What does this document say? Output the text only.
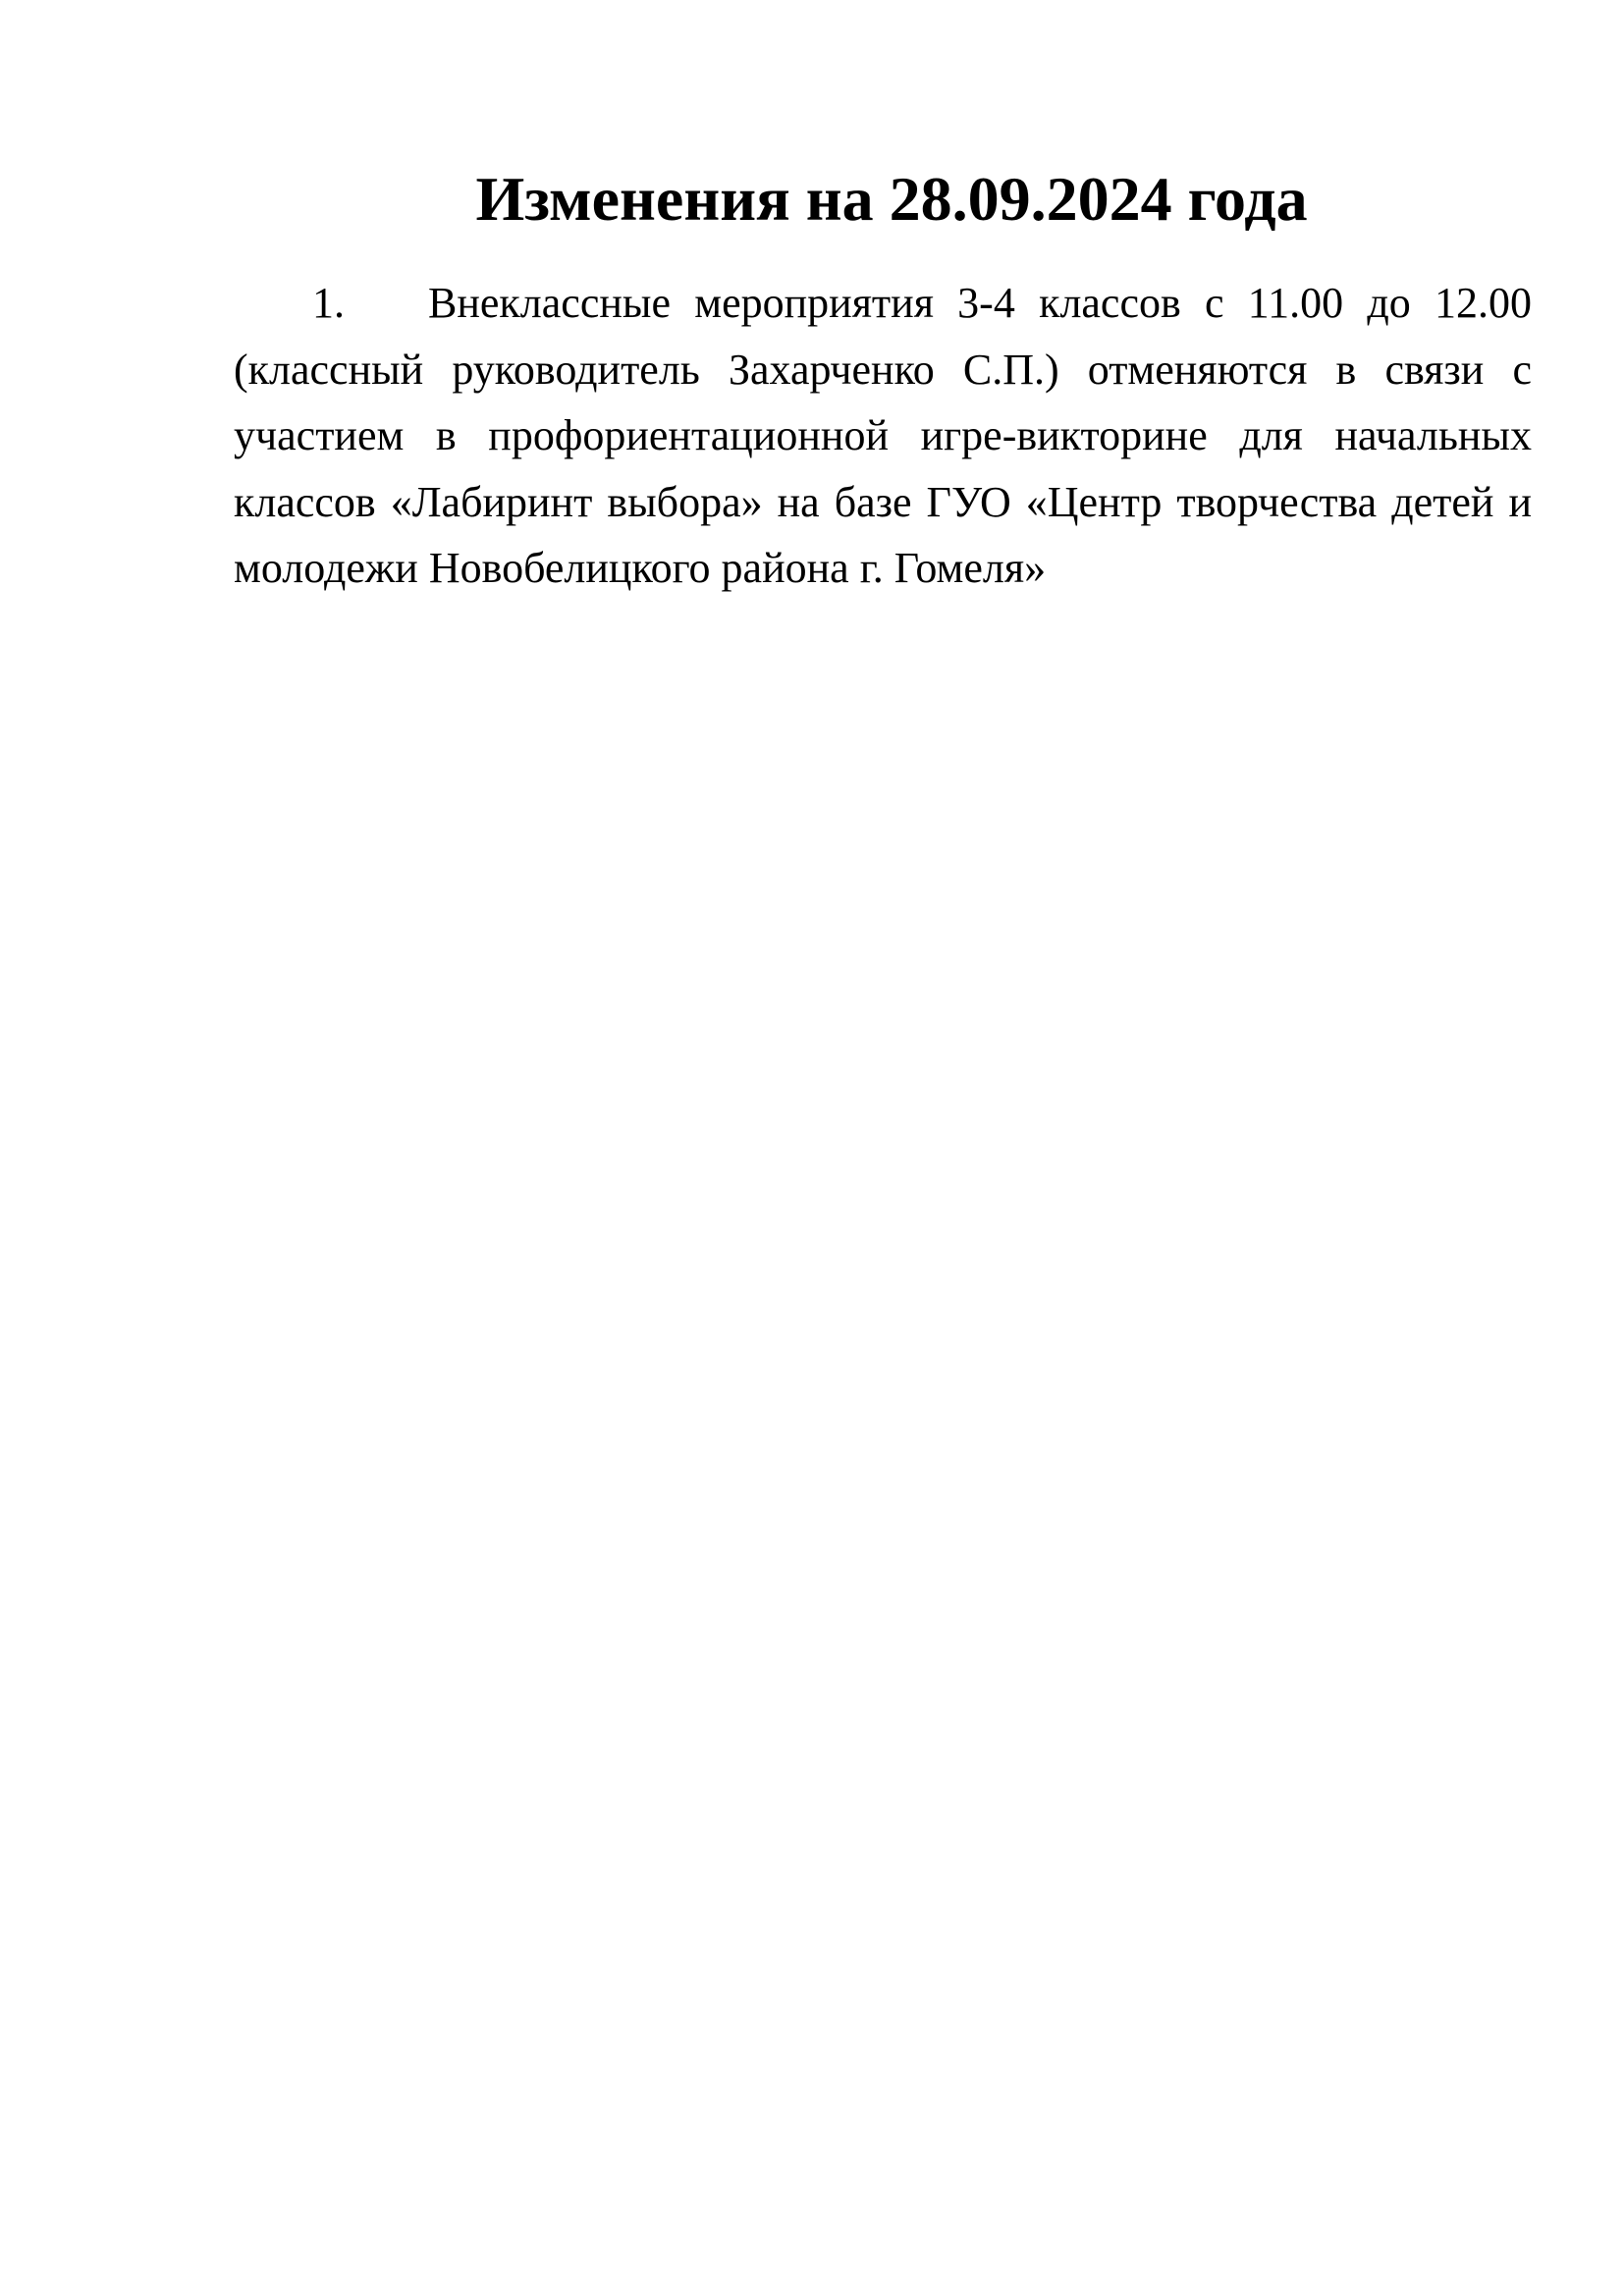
Изменения на 28.09.2024 года
1. Внеклассные мероприятия 3-4 классов с 11.00 до 12.00 (классный руководитель Захарченко С.П.) отменяются в связи с участием в профориентационной игре-викторине для начальных классов «Лабиринт выбора» на базе ГУО «Центр творчества детей и молодежи Новобелицкого района г. Гомеля»
